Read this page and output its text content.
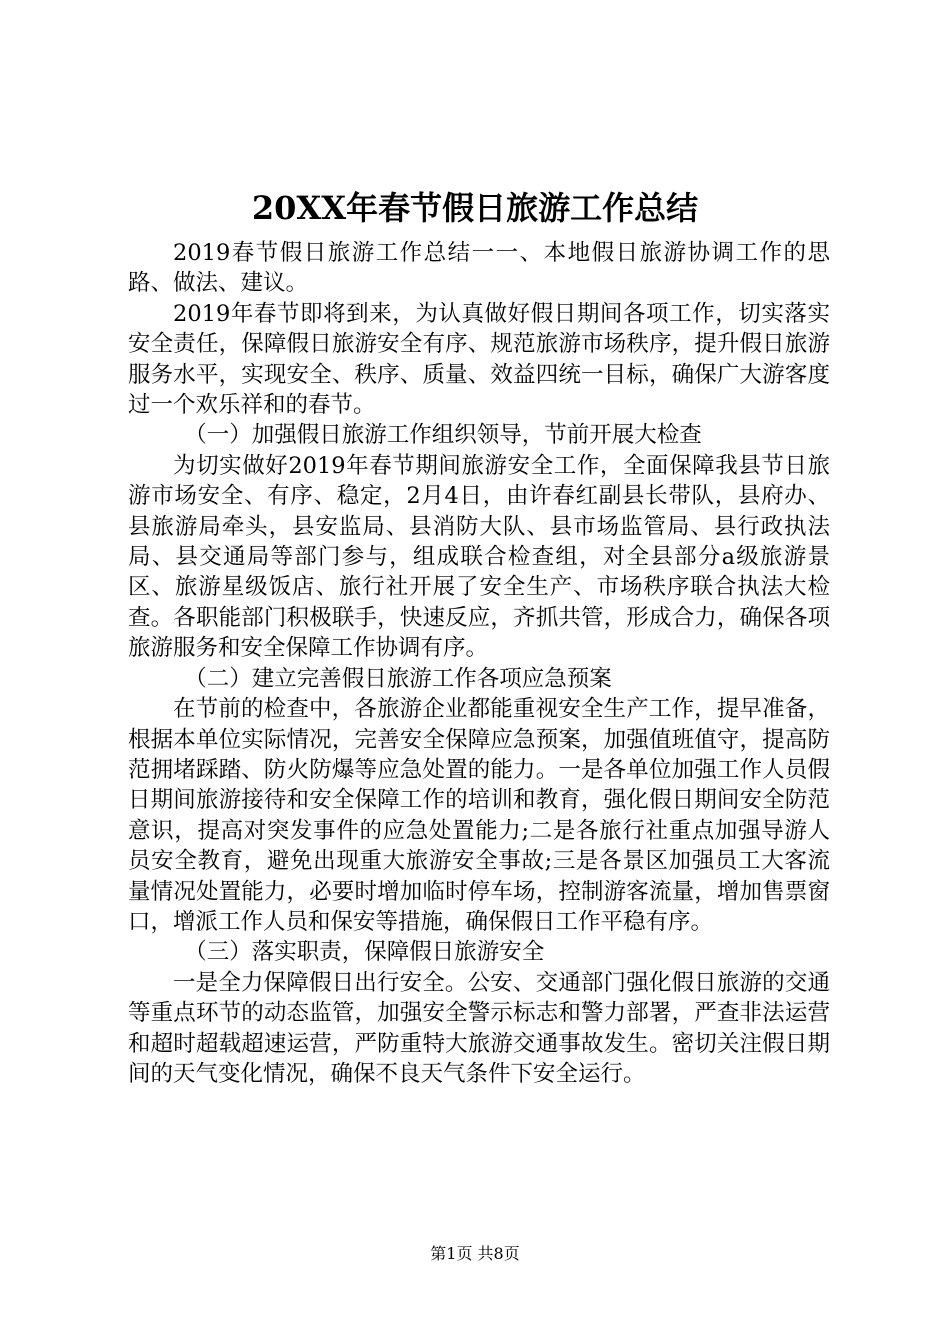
20XX年春节假日旅游工作总结

2019春节假日旅游工作总结一一、本地假日旅游协调工作的思路、做法、建议。

2019年春节即将到来，为认真做好假日期间各项工作，切实落实安全责任，保障假日旅游安全有序、规范旅游市场秩序，提升假日旅游服务水平，实现安全、秩序、质量、效益四统一目标，确保广大游客度过一个欢乐祥和的春节。

（一）加强假日旅游工作组织领导，节前开展大检查

为切实做好2019年春节期间旅游安全工作，全面保障我县节日旅游市场安全、有序、稳定，2月4日，由许春红副县长带队，县府办、县旅游局牵头，县安监局、县消防大队、县市场监管局、县行政执法局、县交通局等部门参与，组成联合检查组，对全县部分a级旅游景区、旅游星级饭店、旅行社开展了安全生产、市场秩序联合执法大检查。各职能部门积极联手，快速反应，齐抓共管，形成合力，确保各项旅游服务和安全保障工作协调有序。

（二）建立完善假日旅游工作各项应急预案

在节前的检查中，各旅游企业都能重视安全生产工作，提早准备，根据本单位实际情况，完善安全保障应急预案，加强值班值守，提高防范拥堵踩踏、防火防爆等应急处置的能力。一是各单位加强工作人员假日期间旅游接待和安全保障工作的培训和教育，强化假日期间安全防范意识，提高对突发事件的应急处置能力;二是各旅行社重点加强导游人员安全教育，避免出现重大旅游安全事故;三是各景区加强员工大客流量情况处置能力，必要时增加临时停车场，控制游客流量，增加售票窗口，增派工作人员和保安等措施，确保假日工作平稳有序。

（三）落实职责，保障假日旅游安全

一是全力保障假日出行安全。公安、交通部门强化假日旅游的交通等重点环节的动态监管，加强安全警示标志和警力部署，严查非法运营和超时超载超速运营，严防重特大旅游交通事故发生。密切关注假日期间的天气变化情况，确保不良天气条件下安全运行。

第1页 共8页
